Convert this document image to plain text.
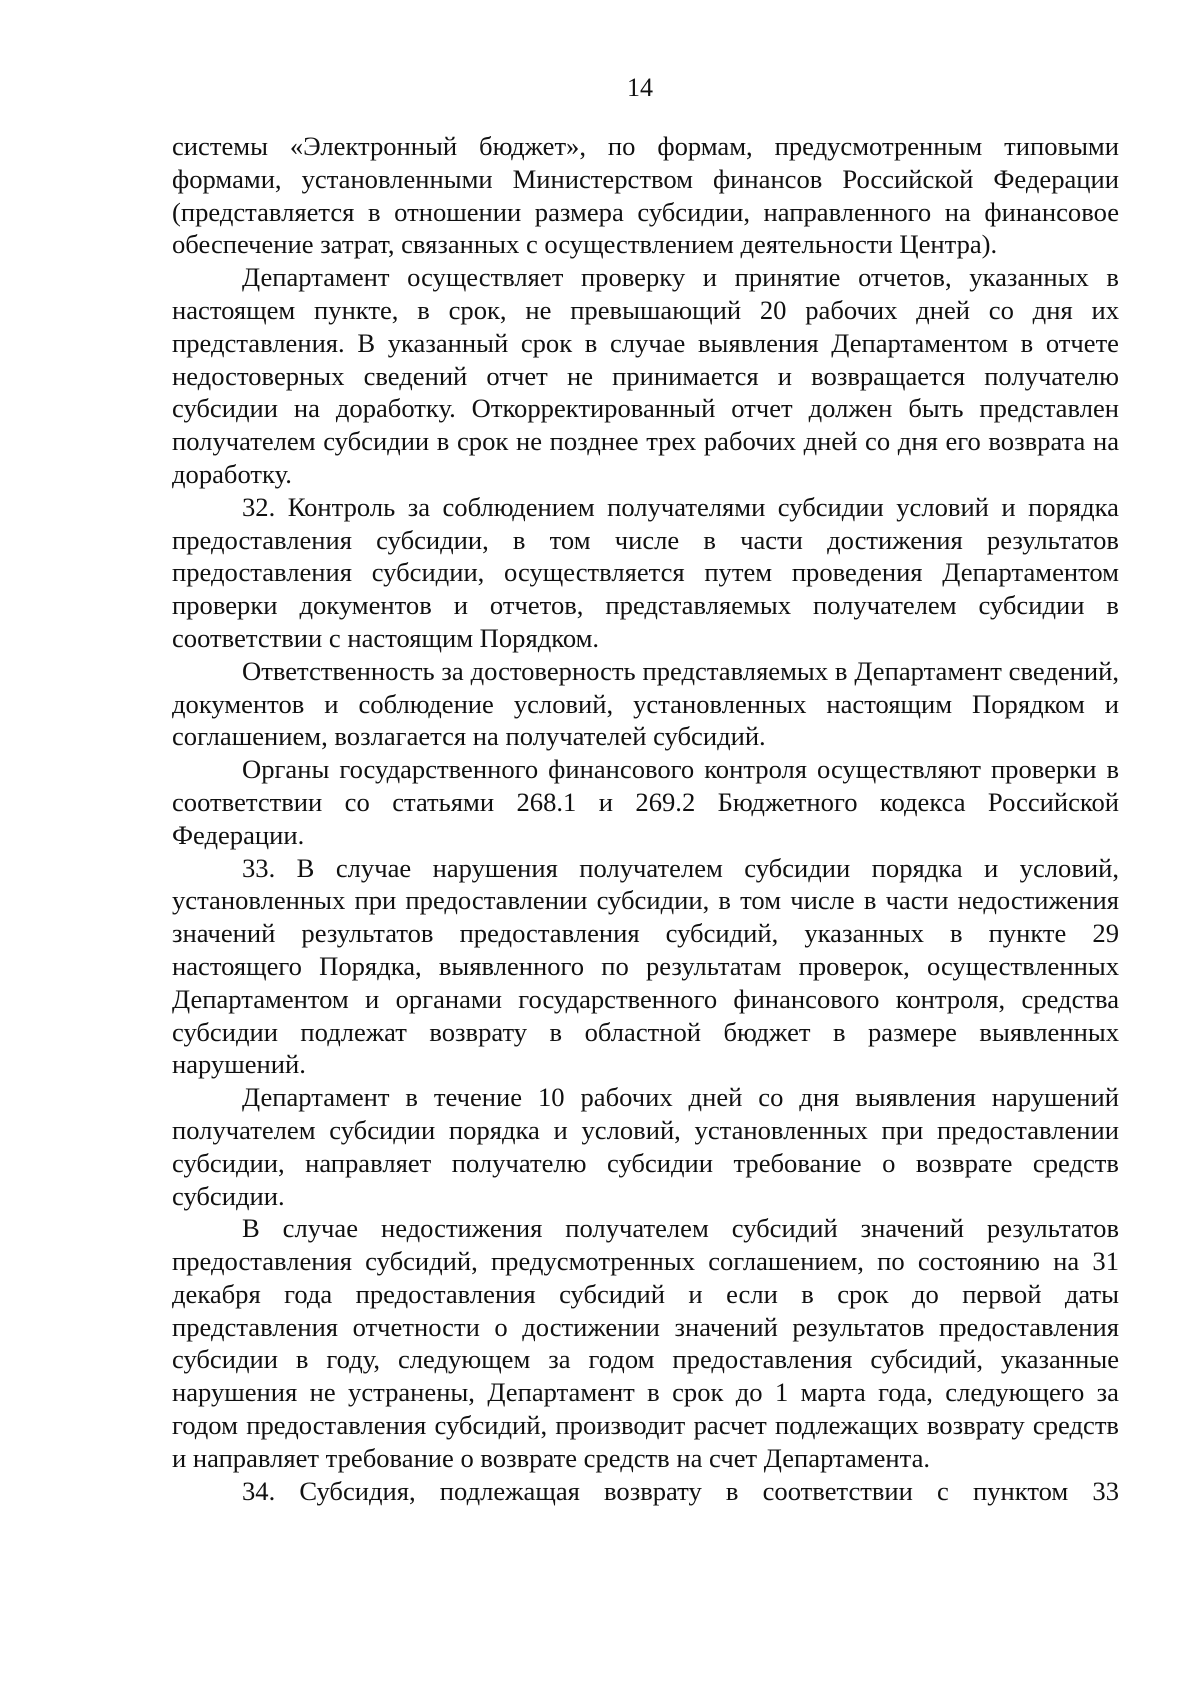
14

системы «Электронный бюджет», по формам, предусмотренным типовыми формами, установленными Министерством финансов Российской Федерации (представляется в отношении размера субсидии, направленного на финансовое обеспечение затрат, связанных с осуществлением деятельности Центра).

Департамент осуществляет проверку и принятие отчетов, указанных в настоящем пункте, в срок, не превышающий 20 рабочих дней со дня их представления. В указанный срок в случае выявления Департаментом в отчете недостоверных сведений отчет не принимается и возвращается получателю субсидии на доработку. Откорректированный отчет должен быть представлен получателем субсидии в срок не позднее трех рабочих дней со дня его возврата на доработку.

32. Контроль за соблюдением получателями субсидии условий и порядка предоставления субсидии, в том числе в части достижения результатов предоставления субсидии, осуществляется путем проведения Департаментом проверки документов и отчетов, представляемых получателем субсидии в соответствии с настоящим Порядком.

Ответственность за достоверность представляемых в Департамент сведений, документов и соблюдение условий, установленных настоящим Порядком и соглашением, возлагается на получателей субсидий.

Органы государственного финансового контроля осуществляют проверки в соответствии со статьями 268.1 и 269.2 Бюджетного кодекса Российской Федерации.

33. В случае нарушения получателем субсидии порядка и условий, установленных при предоставлении субсидии, в том числе в части недостижения значений результатов предоставления субсидий, указанных в пункте 29 настоящего Порядка, выявленного по результатам проверок, осуществленных Департаментом и органами государственного финансового контроля, средства субсидии подлежат возврату в областной бюджет в размере выявленных нарушений.

Департамент в течение 10 рабочих дней со дня выявления нарушений получателем субсидии порядка и условий, установленных при предоставлении субсидии, направляет получателю субсидии требование о возврате средств субсидии.

В случае недостижения получателем субсидий значений результатов предоставления субсидий, предусмотренных соглашением, по состоянию на 31 декабря года предоставления субсидий и если в срок до первой даты представления отчетности о достижении значений результатов предоставления субсидии в году, следующем за годом предоставления субсидий, указанные нарушения не устранены, Департамент в срок до 1 марта года, следующего за годом предоставления субсидий, производит расчет подлежащих возврату средств и направляет требование о возврате средств на счет Департамента.

34. Субсидия, подлежащая возврату в соответствии с пунктом 33
